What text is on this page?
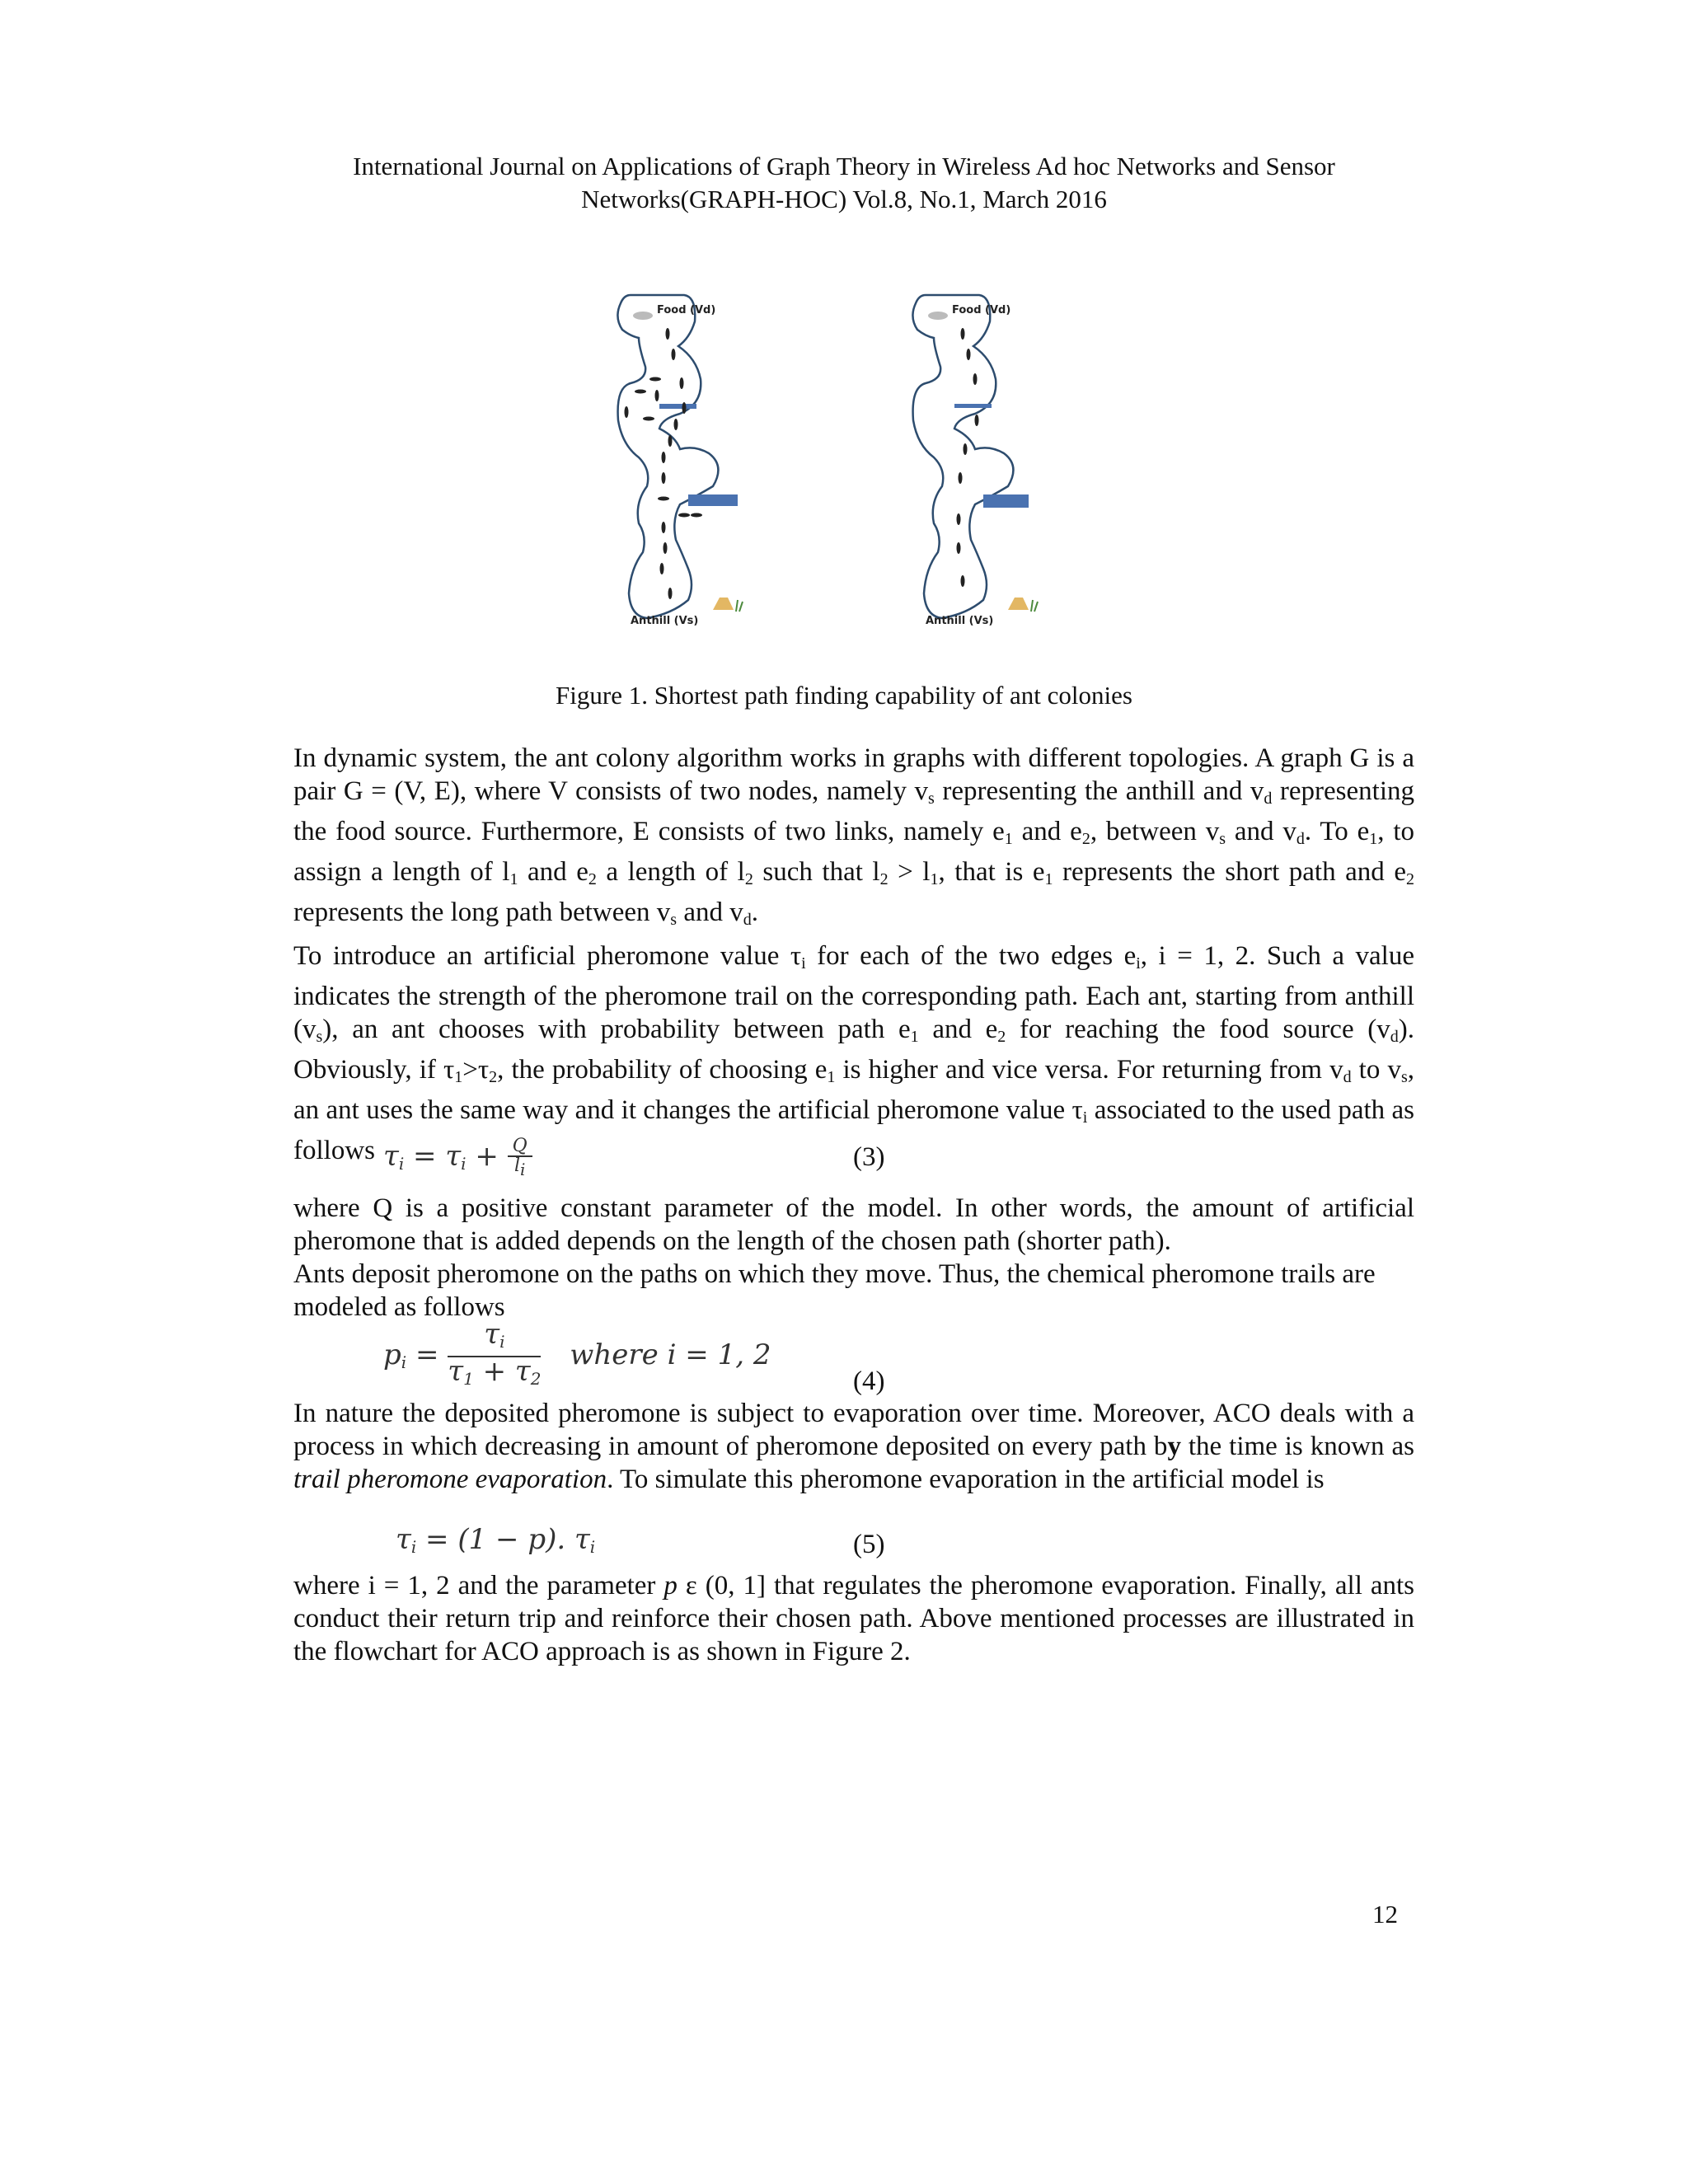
International Journal on Applications of Graph Theory in Wireless Ad hoc Networks and Sensor
Networks(GRAPH-HOC) Vol.8, No.1, March 2016
Food (Vd)
Anthill (Vs)
Food (Vd)
Anthill (Vs)
Figure 1. Shortest path finding capability of ant colonies

In dynamic system, the ant colony algorithm works in graphs with different topologies. A graph G is a pair G = (V, E), where V consists of two nodes, namely $v_s$ representing the anthill and $v_d$ representing the food source. Furthermore, E consists of two links, namely $e_1$ and $e_2$, between $v_s$ and $v_d$. To $e_1$, to assign a length of $l_1$ and $e_2$ a length of $l_2$ such that $l_2 > l_1$, that is $e_1$ represents the short path and $e_2$ represents the long path between $v_s$ and $v_d$.

To introduce an artificial pheromone value $\tau_i$ for each of the two edges $e_i$, i = 1, 2. Such a value indicates the strength of the pheromone trail on the corresponding path. Each ant, starting from anthill $(v_s)$, an ant chooses with probability between path $e_1$ and $e_2$ for reaching the food source $(v_d)$. Obviously, if $\tau_1>\tau_2$, the probability of choosing $e_1$ is higher and vice versa. For returning from $v_d$ to $v_s$, an ant uses the same way and it changes the artificial pheromone value $\tau_i$ associated to the used path as follows $\tau_i = \tau_i + \frac{Q}{l_i}$	(3)

where Q is a positive constant parameter of the model. In other words, the amount of artificial pheromone that is added depends on the length of the chosen path (shorter path).

Ants deposit pheromone on the paths on which they move. Thus, the chemical pheromone trails are modeled as follows

$p_i = \frac{\tau_i}{\tau_1 + \tau_2}$ where i = 1, 2
(4)

In nature the deposited pheromone is subject to evaporation over time. Moreover, ACO deals with a process in which decreasing in amount of pheromone deposited on every path by the time is known as trail pheromone evaporation. To simulate this pheromone evaporation in the artificial model is

$\tau_i = (1 - p)$. $\tau_i$	(5)

where i = 1, 2 and the parameter p ε (0, 1] that regulates the pheromone evaporation. Finally, all ants conduct their return trip and reinforce their chosen path. Above mentioned processes are illustrated in the flowchart for ACO approach is as shown in Figure 2.

12
